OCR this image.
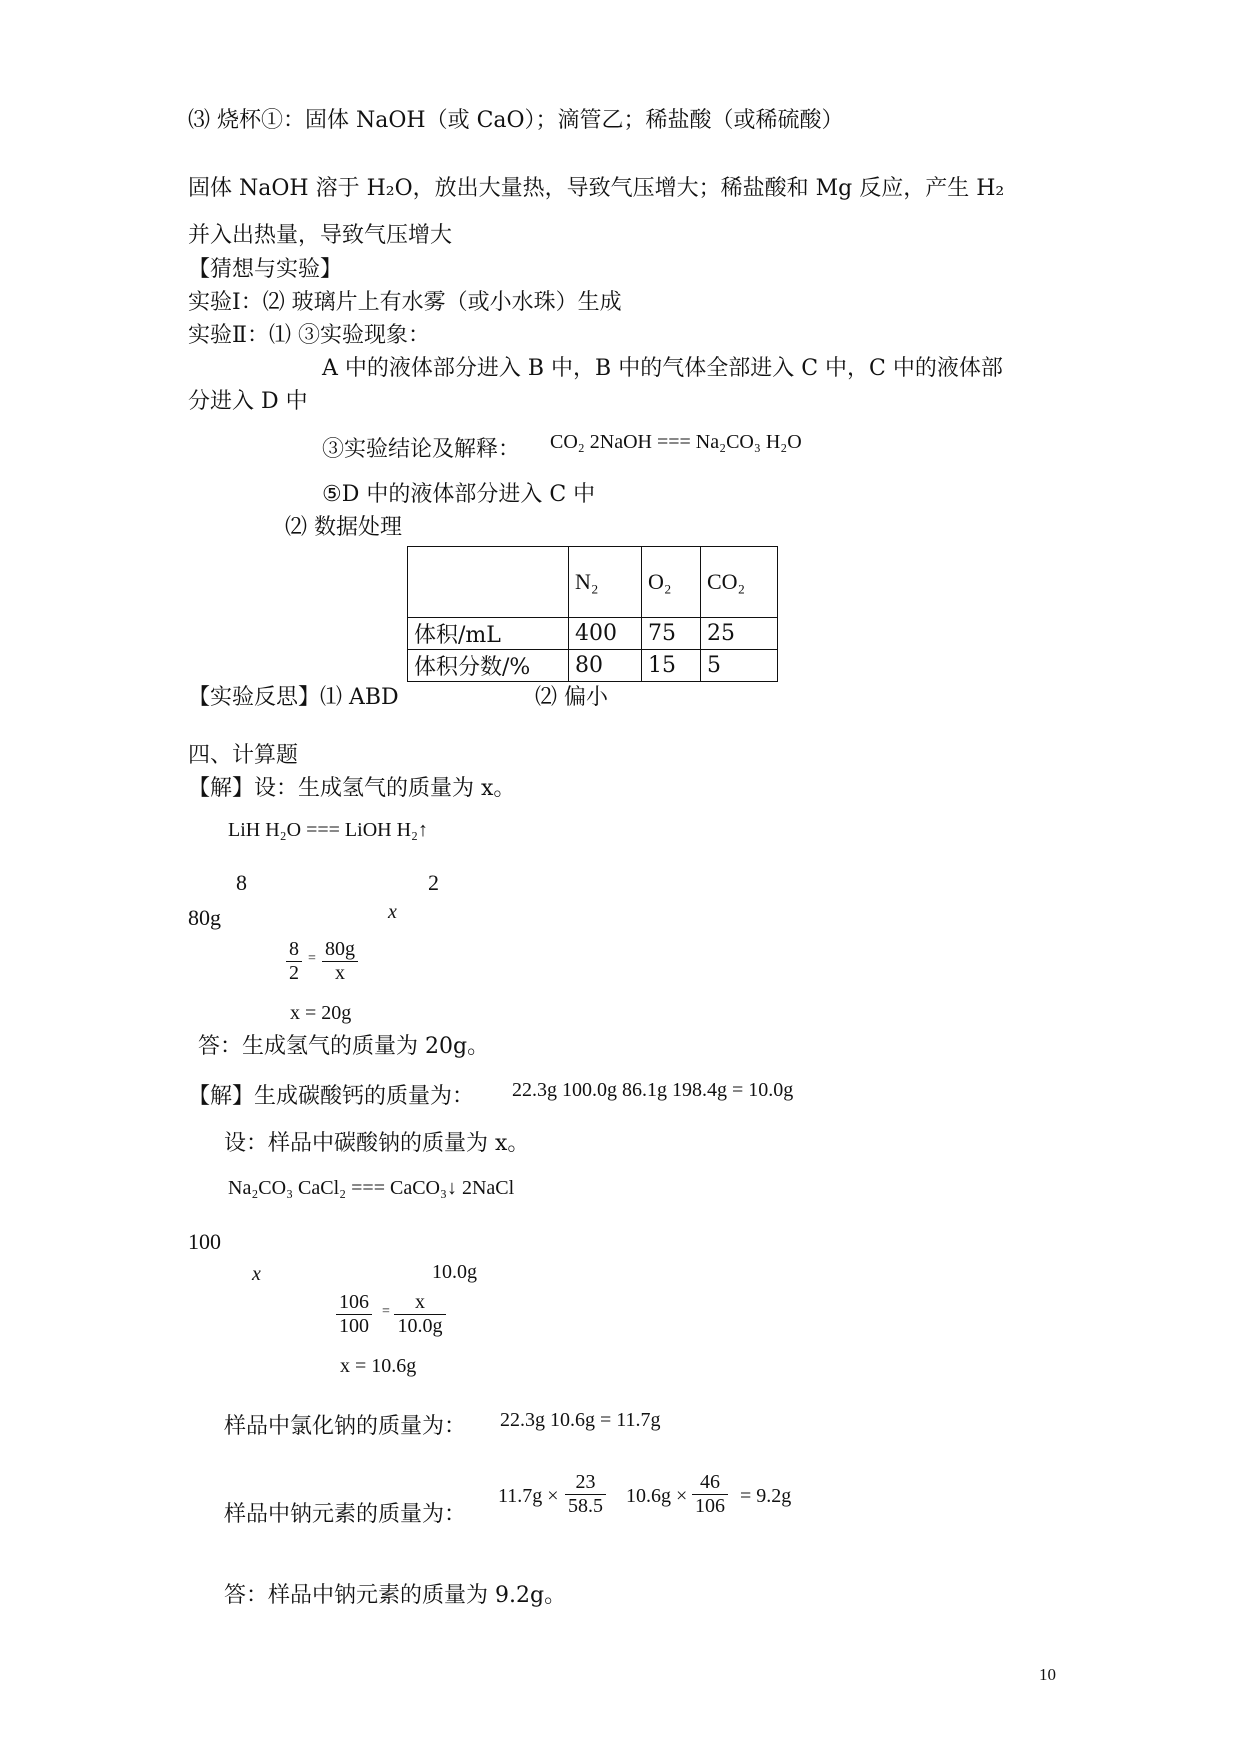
⑶ 烧杯①：固体 NaOH（或 CaO）；滴管乙；稀盐酸（或稀硫酸）
固体 NaOH 溶于 H₂O，放出大量热，导致气压增大；稀盐酸和 Mg 反应，产生 H₂
并入出热量，导致气压增大
【猜想与实验】
实验Ⅰ：⑵ 玻璃片上有水雾（或小水珠）生成
实验Ⅱ：⑴ ③实验现象：
A 中的液体部分进入 B 中，B 中的气体全部进入 C 中，C 中的液体部
分进入 D 中
③实验结论及解释： CO₂ 2NaOH === Na₂CO₃ H₂O
⑤D 中的液体部分进入 C 中
⑵ 数据处理
	N₂	O₂	CO₂
体积/mL	400	75	25
体积分数/%	80	15	5
【实验反思】⑴ ABD	⑵ 偏小
四、计算题
【解】设：生成氢气的质量为 x。
LiH H₂O === LiOH H₂↑
8	2
80g	x
$\frac{8}{2} = \frac{80g}{x}$
x = 20g
答：生成氢气的质量为 20g。
【解】生成碳酸钙的质量为： 22.3g 100.0g 86.1g 198.4g = 10.0g
设：样品中碳酸钠的质量为 x。
Na₂CO₃ CaCl₂ === CaCO₃↓ 2NaCl
100
x	10.0g
$\frac{106}{100} = \frac{x}{10.0g}$
x = 10.6g
样品中氯化钠的质量为： 22.3g 10.6g = 11.7g
样品中钠元素的质量为：
$11.7g \times \frac{23}{58.5} 10.6g \times \frac{46}{106} = 9.2g$
答：样品中钠元素的质量为 9.2g。
10
